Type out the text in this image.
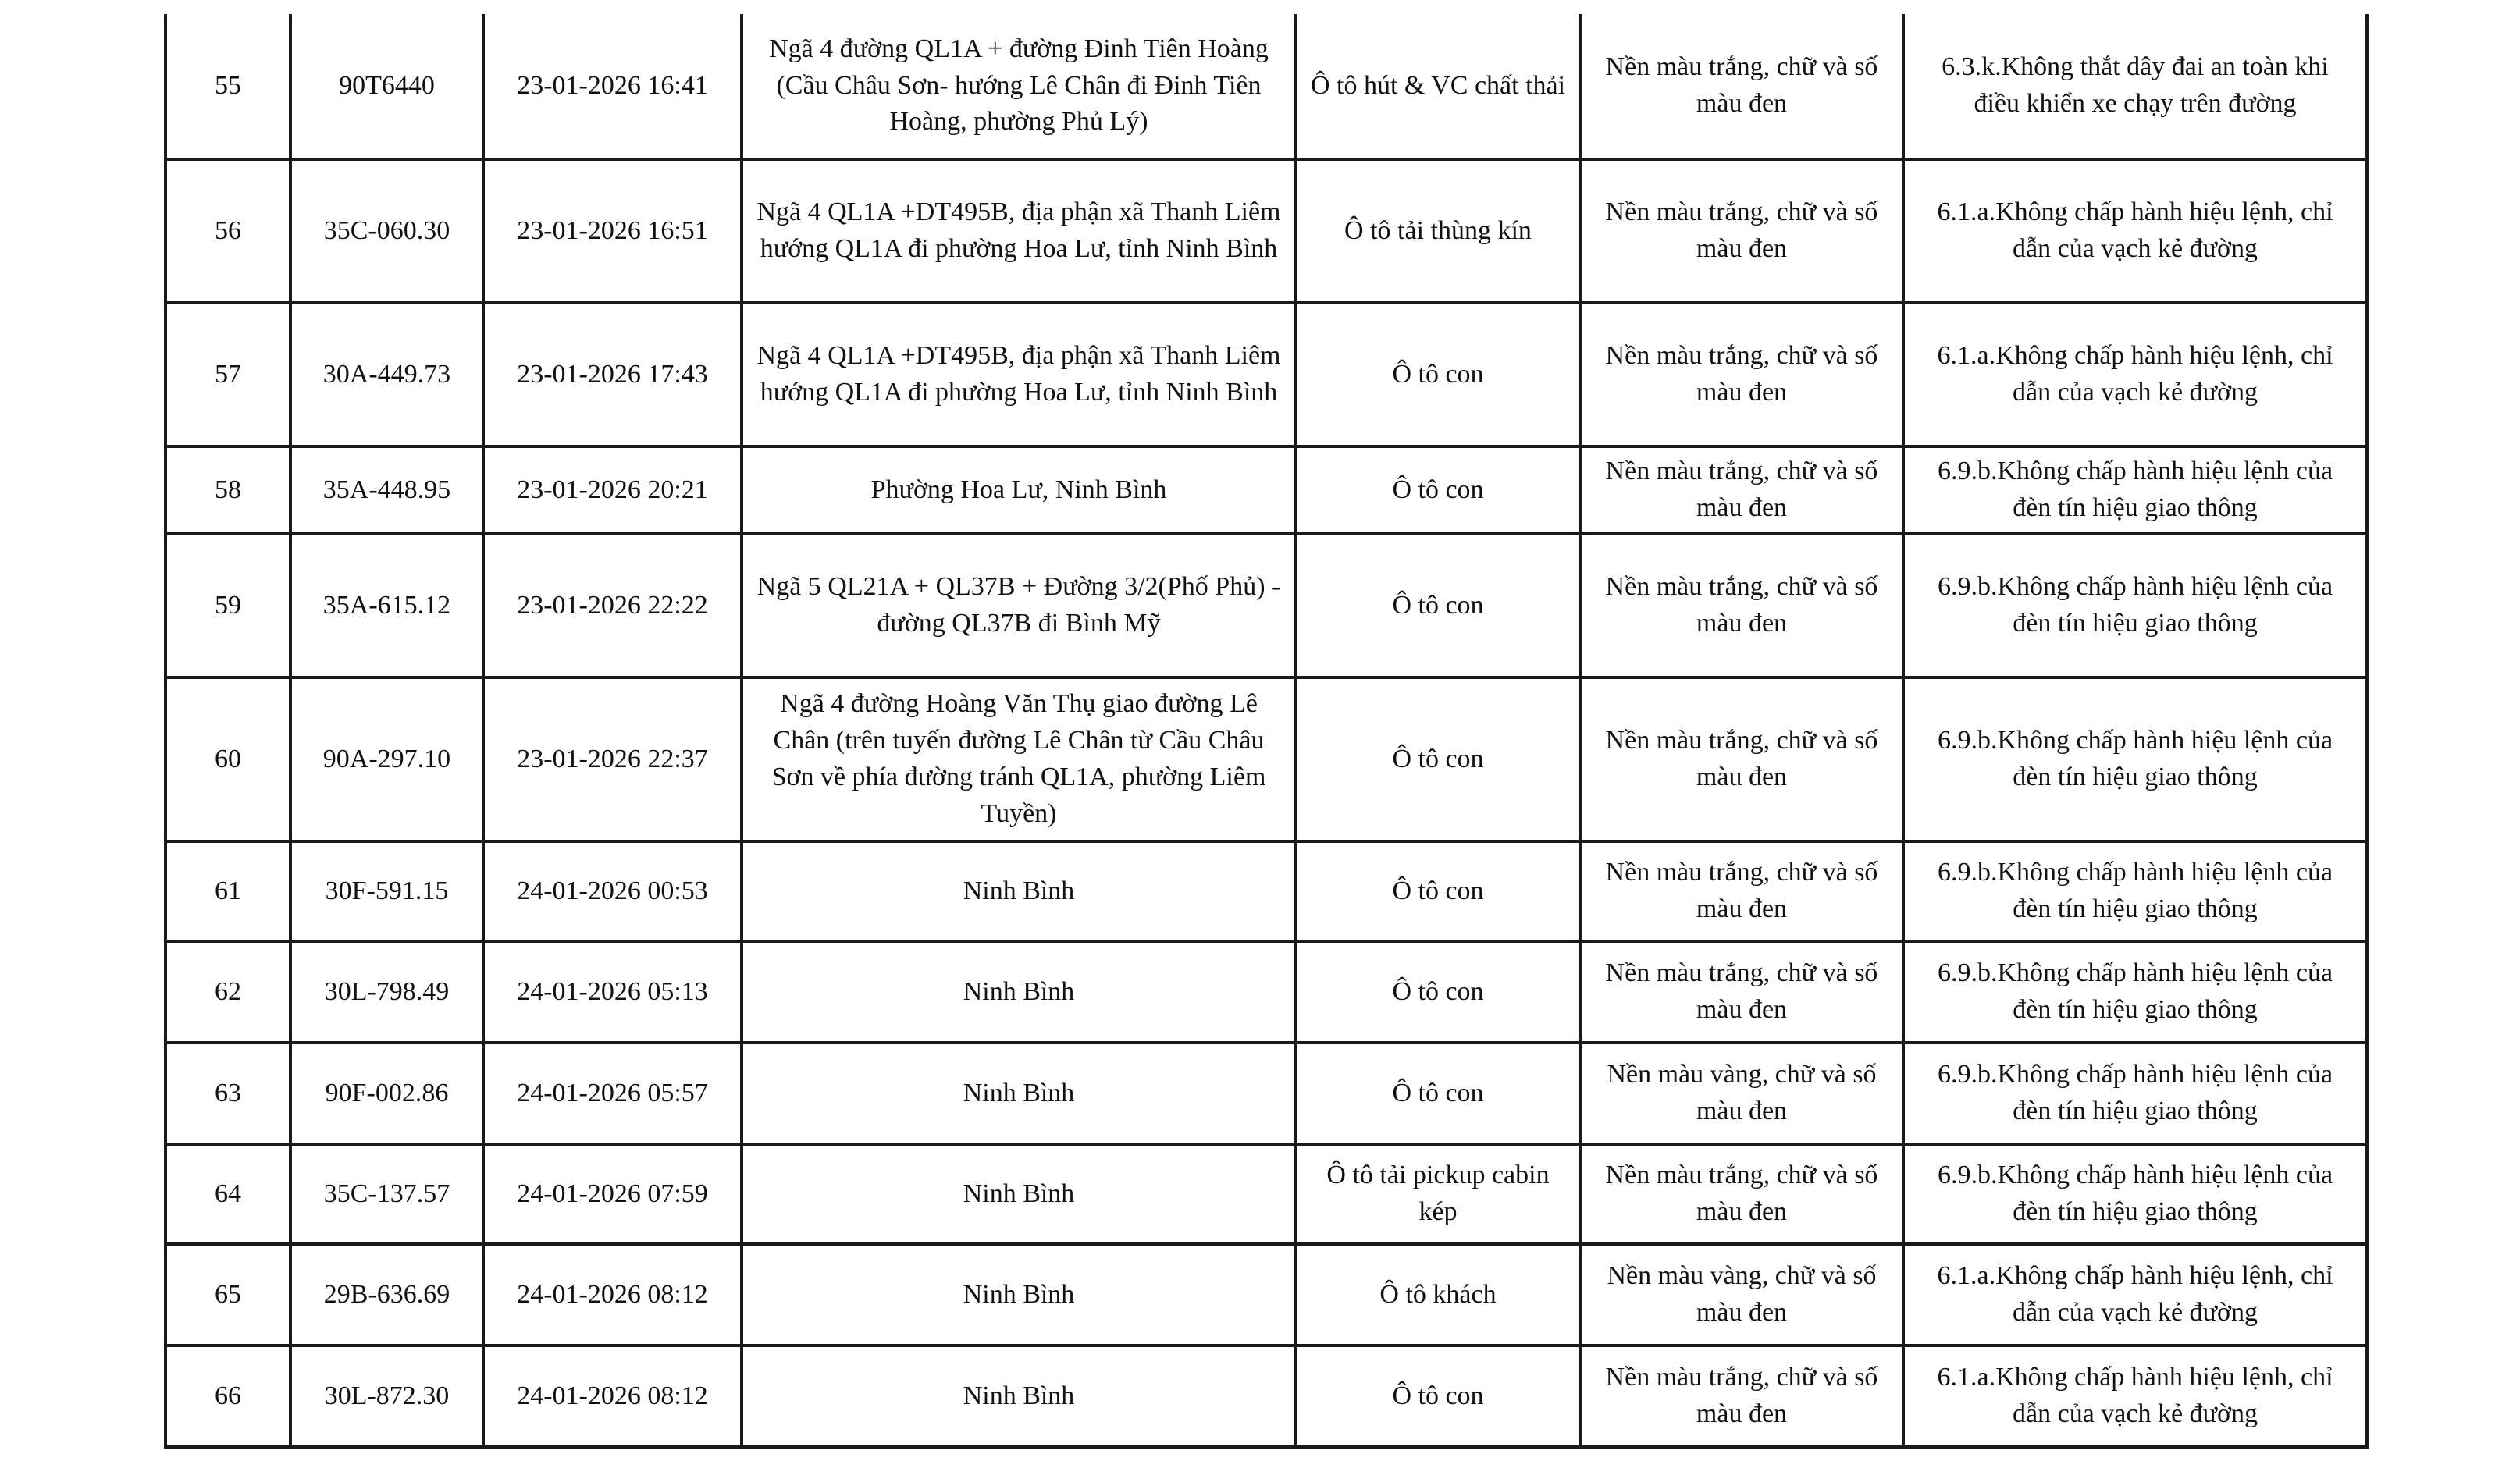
55	90T6440	23-01-2026 16:41	Ngã 4 đường QL1A + đường Đinh Tiên Hoàng (Cầu Châu Sơn- hướng Lê Chân đi Đinh Tiên Hoàng, phường Phủ Lý)	Ô tô hút & VC chất thải	Nền màu trắng, chữ và số màu đen	6.3.k.Không thắt dây đai an toàn khi điều khiển xe chạy trên đường
56	35C-060.30	23-01-2026 16:51	Ngã 4 QL1A +DT495B, địa phận xã Thanh Liêm hướng QL1A đi phường Hoa Lư, tỉnh Ninh Bình	Ô tô tải thùng kín	Nền màu trắng, chữ và số màu đen	6.1.a.Không chấp hành hiệu lệnh, chỉ dẫn của vạch kẻ đường
57	30A-449.73	23-01-2026 17:43	Ngã 4 QL1A +DT495B, địa phận xã Thanh Liêm hướng QL1A đi phường Hoa Lư, tỉnh Ninh Bình	Ô tô con	Nền màu trắng, chữ và số màu đen	6.1.a.Không chấp hành hiệu lệnh, chỉ dẫn của vạch kẻ đường
58	35A-448.95	23-01-2026 20:21	Phường Hoa Lư, Ninh Bình	Ô tô con	Nền màu trắng, chữ và số màu đen	6.9.b.Không chấp hành hiệu lệnh của đèn tín hiệu giao thông
59	35A-615.12	23-01-2026 22:22	Ngã 5 QL21A + QL37B + Đường 3/2(Phố Phủ) - đường QL37B đi Bình Mỹ	Ô tô con	Nền màu trắng, chữ và số màu đen	6.9.b.Không chấp hành hiệu lệnh của đèn tín hiệu giao thông
60	90A-297.10	23-01-2026 22:37	Ngã 4 đường Hoàng Văn Thụ giao đường Lê Chân (trên tuyến đường Lê Chân từ Cầu Châu Sơn về phía đường tránh QL1A, phường Liêm Tuyền)	Ô tô con	Nền màu trắng, chữ và số màu đen	6.9.b.Không chấp hành hiệu lệnh của đèn tín hiệu giao thông
61	30F-591.15	24-01-2026 00:53	Ninh Bình	Ô tô con	Nền màu trắng, chữ và số màu đen	6.9.b.Không chấp hành hiệu lệnh của đèn tín hiệu giao thông
62	30L-798.49	24-01-2026 05:13	Ninh Bình	Ô tô con	Nền màu trắng, chữ và số màu đen	6.9.b.Không chấp hành hiệu lệnh của đèn tín hiệu giao thông
63	90F-002.86	24-01-2026 05:57	Ninh Bình	Ô tô con	Nền màu vàng, chữ và số màu đen	6.9.b.Không chấp hành hiệu lệnh của đèn tín hiệu giao thông
64	35C-137.57	24-01-2026 07:59	Ninh Bình	Ô tô tải pickup cabin kép	Nền màu trắng, chữ và số màu đen	6.9.b.Không chấp hành hiệu lệnh của đèn tín hiệu giao thông
65	29B-636.69	24-01-2026 08:12	Ninh Bình	Ô tô khách	Nền màu vàng, chữ và số màu đen	6.1.a.Không chấp hành hiệu lệnh, chỉ dẫn của vạch kẻ đường
66	30L-872.30	24-01-2026 08:12	Ninh Bình	Ô tô con	Nền màu trắng, chữ và số màu đen	6.1.a.Không chấp hành hiệu lệnh, chỉ dẫn của vạch kẻ đường
